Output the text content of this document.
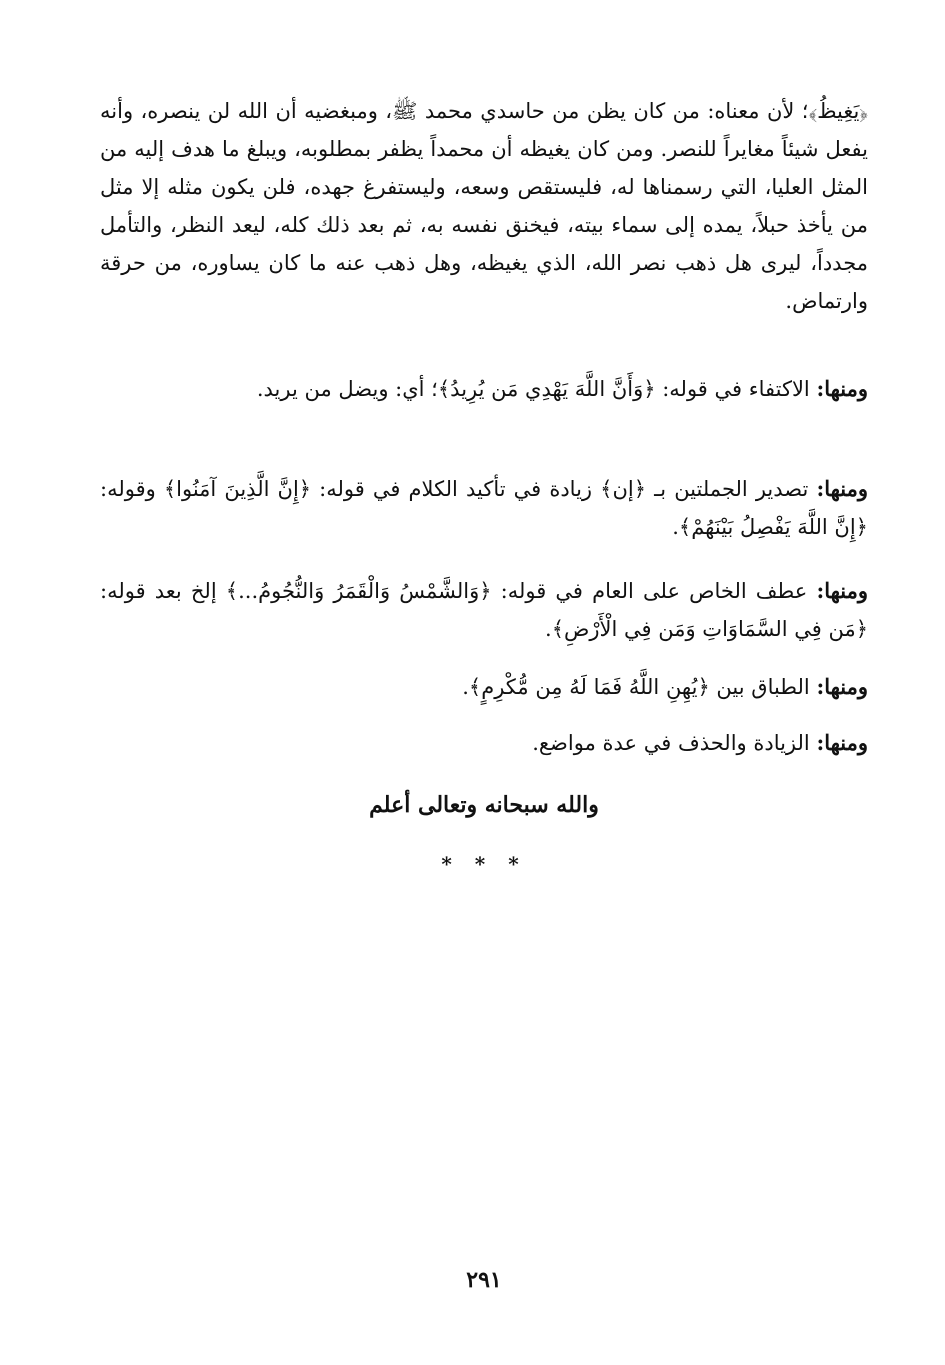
﴿يَغِيظُ﴾؛ لأن معناه: من كان يظن من حاسدي محمد ﷺ، ومبغضيه أن الله لن ينصره، وأنه يفعل شيئاً مغايراً للنصر. ومن كان يغيظه أن محمداً يظفر بمطلوبه، ويبلغ ما هدف إليه من المثل العليا، التي رسمناها له، فليستقص وسعه، وليستفرغ جهده، فلن يكون مثله إلا مثل من يأخذ حبلاً، يمده إلى سماء بيته، فيخنق نفسه به، ثم بعد ذلك كله، ليعد النظر، والتأمل مجدداً، ليرى هل ذهب نصر الله، الذي يغيظه، وهل ذهب عنه ما كان يساوره، من حرقة وارتماض.

ومنها: الاكتفاء في قوله: ﴿وَأَنَّ اللَّهَ يَهْدِي مَن يُرِيدُ﴾؛ أي: ويضل من يريد.

ومنها: تصدير الجملتين بـ ﴿إن﴾ زيادة في تأكيد الكلام في قوله: ﴿إِنَّ الَّذِينَ آمَنُوا﴾ وقوله: ﴿إِنَّ اللَّهَ يَفْصِلُ بَيْنَهُمْ﴾.

ومنها: عطف الخاص على العام في قوله: ﴿وَالشَّمْسُ وَالْقَمَرُ وَالنُّجُومُ...﴾ إلخ بعد قوله: ﴿مَن فِي السَّمَاوَاتِ وَمَن فِي الْأَرْضِ﴾.

ومنها: الطباق بين ﴿يُهِنِ اللَّهُ فَمَا لَهُ مِن مُّكْرِمٍ﴾.

ومنها: الزيادة والحذف في عدة مواضع.

والله سبحانه وتعالى أعلم
* * *
٢٩١
